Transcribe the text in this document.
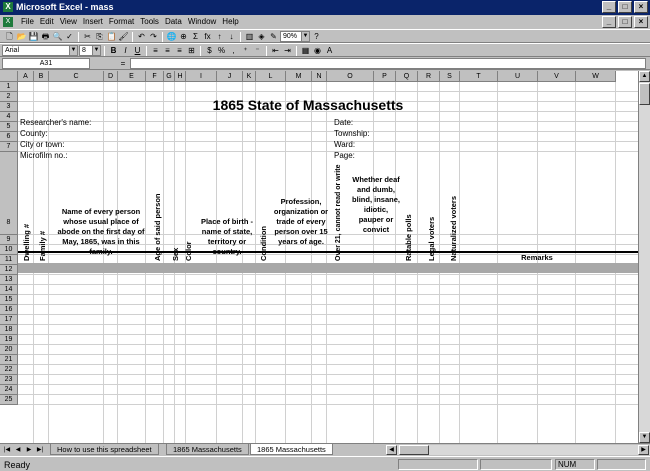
X Microsoft Excel - mass	_	□	×
X	File Edit View Insert Format Tools Data Window Help	_	□	×
🗋 📂 💾 🖶 🔍 ✓ ✂ ⎘ 📋 🖌 ↶ ↷ 🌐 ⊕ Σ fx ↑	↓	▥ ◈ ✎ 90% ▼ ?
Arial	▼ 8 ▼	B I	U	≡ ≡ ≡ ⊞	$ % ,	⁺ ⁻	⇤ ⇥ ▦ ◉ A
A31	=
A	B	C	D	E	F	G H	I	J	K	L	M	N	O	P	Q	R	S	T	U	V	W
1
2
3
4
5
6
7
8
9
10
11
12
13
14
15
16
17
18
19
20
21
22
23
24
25
1865 State of Massachusetts
Researcher's name:
County:
City or town:
Microfilm no.:
Date:
Township:
Ward:
Page:
Dwelling # Family #
Name of every person whose usual place of abode on the first day of May, 1865, was in this family.	Age of said person Sex Color
Place of birth - name of state, territory or country.	Condition
Profession, organization or trade of every person over 15 years of age.	Over 21, cannot read or write Whether deaf and dumb, blind, insane, idiotic, pauper or convict	Ratable polls Legal voters Naturalized voters	Remarks
▲
▼
|◀ ◀	▶ ▶|	How to use this spreadsheet	1865 Massachusetts	1865 Massachusetts	◀	▶
Ready	NUM
